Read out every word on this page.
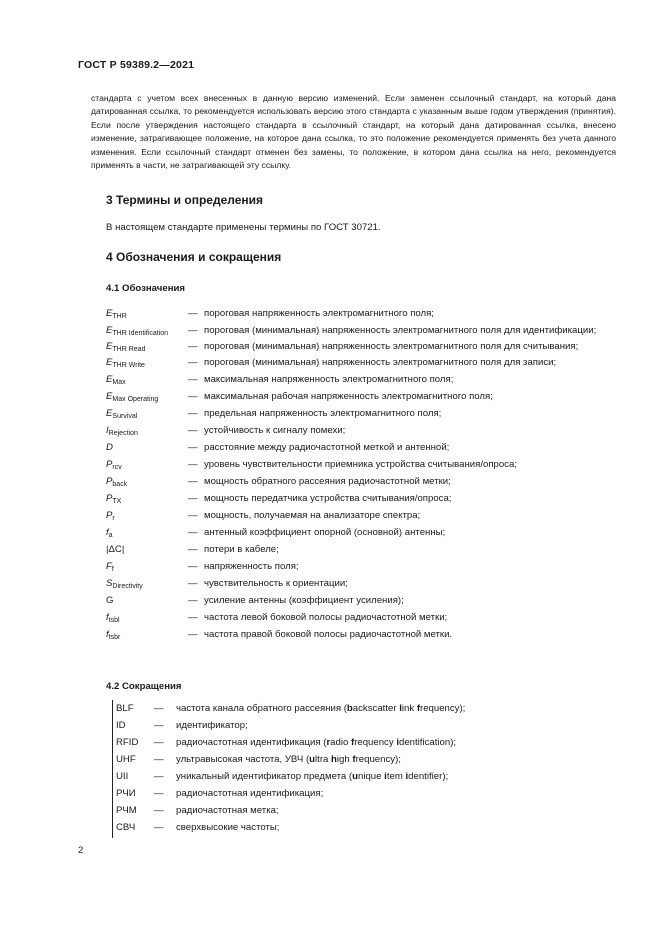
ГОСТ Р 59389.2—2021

стандарта с учетом всех внесенных в данную версию изменений. Если заменен ссылочный стандарт, на который дана датированная ссылка, то рекомендуется использовать версию этого стандарта с указанным выше годом утверждения (принятия). Если после утверждения настоящего стандарта в ссылочный стандарт, на который дана датированная ссылка, внесено изменение, затрагивающее положение, на которое дана ссылка, то это положение рекомендуется применять без учета данного изменения. Если ссылочный стандарт отменен без замены, то положение, в котором дана ссылка на него, рекомендуется применять в части, не затрагивающей эту ссылку.

3 Термины и определения

В настоящем стандарте применены термины по ГОСТ 30721.

4 Обозначения и сокращения
4.1 Обозначения
$E_{THR}$	— пороговая напряженность электромагнитного поля;
$E_{THR Identification}$	— пороговая (минимальная) напряженность электромагнитного поля для идентификации;
$E_{THR Read}$	— пороговая (минимальная) напряженность электромагнитного поля для считывания;
$E_{THR Write}$	— пороговая (минимальная) напряженность электромагнитного поля для записи;
$E_{Max}$	— максимальная напряженность электромагнитного поля;
$E_{Max Operating}$	— максимальная рабочая напряженность электромагнитного поля;
$E_{Survival}$	— предельная напряженность электромагнитного поля;
$I_{Rejection}$	— устойчивость к сигналу помехи;
D	— расстояние между радиочастотной меткой и антенной;
$P_{rcv}$	— уровень чувствительности приемника устройства считывания/опроса;
$P_{back}$	— мощность обратного рассеяния радиочастотной метки;
$P_{TX}$	— мощность передатчика устройства считывания/опроса;
$P_r$	— мощность, получаемая на анализаторе спектра;
$f_a$	— антенный коэффициент опорной (основной) антенны;
|ΔC|	— потери в кабеле;
$F_f$	— напряженность поля;
$S_{Directivity}$	— чувствительность к ориентации;
G	— усиление антенны (коэффициент усиления);
$f_{tsbl}$	— частота левой боковой полосы радиочастотной метки;
$f_{tsbr}$	— частота правой боковой полосы радиочастотной метки.
4.2 Сокращения
BLF	—	частота канала обратного рассеяния (backscatter link frequency);
ID	—	идентификатор;
RFID	—	радиочастотная идентификация (radio frequency identification);
UHF	—	ультравысокая частота, УВЧ (ultra high frequency);
UII	—	уникальный идентификатор предмета (unique item identifier);
РЧИ	—	радиочастотная идентификация;
РЧМ	—	радиочастотная метка;
СВЧ	—	сверхвысокие частоты;
2
